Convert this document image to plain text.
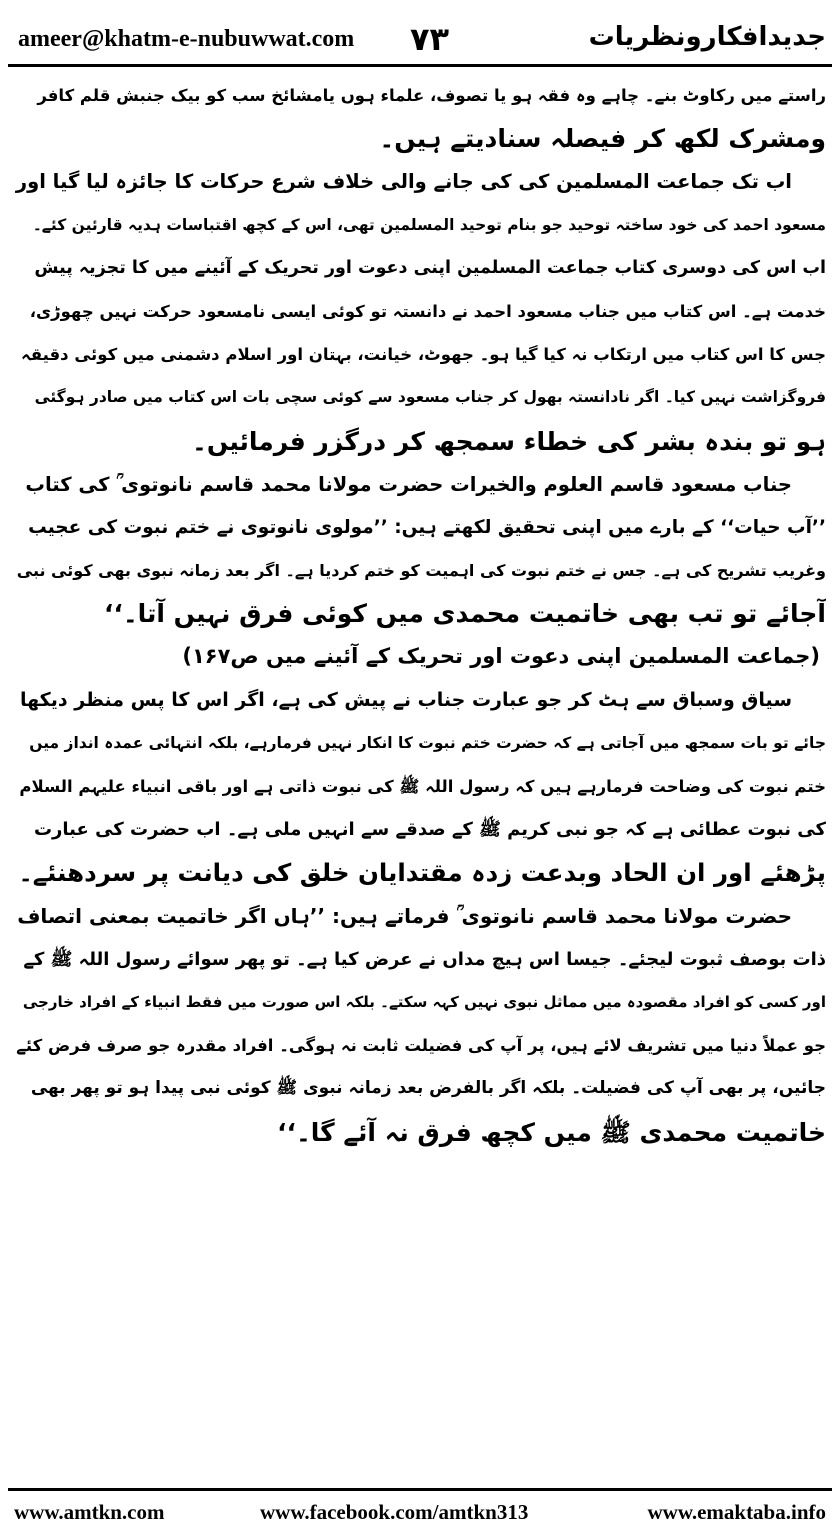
ameer@khatm-e-nubuwwat.com ۷۳	جدیدافکارونظریات
راستے میں رکاوٹ بنے۔ چاہے وہ فقہ ہو یا تصوف، علماء ہوں یامشائخ سب کو بیک جنبش قلم کافر
ومشرک لکھ کر فیصلہ سنادیتے ہیں۔
اب تک جماعت المسلمین کی کی جانے والی خلاف شرع حرکات کا جائزہ لیا گیا اور
مسعود احمد کی خود ساختہ توحید جو بنام توحید المسلمین تھی، اس کے کچھ اقتباسات ہدیہ قارئین کئے۔
اب اس کی دوسری کتاب جماعت المسلمین اپنی دعوت اور تحریک کے آئینے میں کا تجزیہ پیش
خدمت ہے۔ اس کتاب میں جناب مسعود احمد نے دانستہ تو کوئی ایسی نامسعود حرکت نہیں چھوڑی،
جس کا اس کتاب میں ارتکاب نہ کیا گیا ہو۔ جھوٹ، خیانت، بہتان اور اسلام دشمنی میں کوئی دقیقہ
فروگزاشت نہیں کیا۔ اگر نادانستہ بھول کر جناب مسعود سے کوئی سچی بات اس کتاب میں صادر ہوگئی
ہو تو بندہ بشر کی خطاء سمجھ کر درگزر فرمائیں۔
جناب مسعود قاسم العلوم والخیرات حضرت مولانا محمد قاسم نانوتوی ؒ کی کتاب
’’آب حیات‘‘ کے بارے میں اپنی تحقیق لکھتے ہیں: ’’مولوی نانوتوی نے ختم نبوت کی عجیب
وغریب تشریح کی ہے۔ جس نے ختم نبوت کی اہمیت کو ختم کردیا ہے۔ اگر بعد زمانہ نبوی بھی کوئی نبی
آجائے تو تب بھی خاتمیت محمدی میں کوئی فرق نہیں آتا۔‘‘
(جماعت المسلمین اپنی دعوت اور تحریک کے آئینے میں ص۱۶۷)
سیاق وسباق سے ہٹ کر جو عبارت جناب نے پیش کی ہے، اگر اس کا پس منظر دیکھا
جائے تو بات سمجھ میں آجاتی ہے کہ حضرت ختم نبوت کا انکار نہیں فرمارہے، بلکہ انتہائی عمدہ انداز میں
ختم نبوت کی وضاحت فرمارہے ہیں کہ رسول اللہ ﷺ کی نبوت ذاتی ہے اور باقی انبیاء علیہم السلام
کی نبوت عطائی ہے کہ جو نبی کریم ﷺ کے صدقے سے انہیں ملی ہے۔ اب حضرت کی عبارت
پڑھئے اور ان الحاد وبدعت زدہ مقتدایان خلق کی دیانت پر سردھنئے۔
حضرت مولانا محمد قاسم نانوتوی ؒ فرماتے ہیں: ’’ہاں اگر خاتمیت بمعنی اتصاف
ذات بوصف ثبوت لیجئے۔ جیسا اس ہیچ مداں نے عرض کیا ہے۔ تو پھر سوائے رسول اللہ ﷺ کے
اور کسی کو افراد مقصودہ میں مماثل نبوی نہیں کہہ سکتے۔ بلکہ اس صورت میں فقط انبیاء کے افراد خارجی
جو عملاً دنیا میں تشریف لائے ہیں، پر آپ کی فضیلت ثابت نہ ہوگی۔ افراد مقدرہ جو صرف فرض کئے
جائیں، پر بھی آپ کی فضیلت۔ بلکہ اگر بالفرض بعد زمانہ نبوی ﷺ کوئی نبی پیدا ہو تو پھر بھی
خاتمیت محمدی ﷺ میں کچھ فرق نہ آئے گا۔‘‘
www.amtkn.com	www.facebook.com/amtkn313	www.emaktaba.info
